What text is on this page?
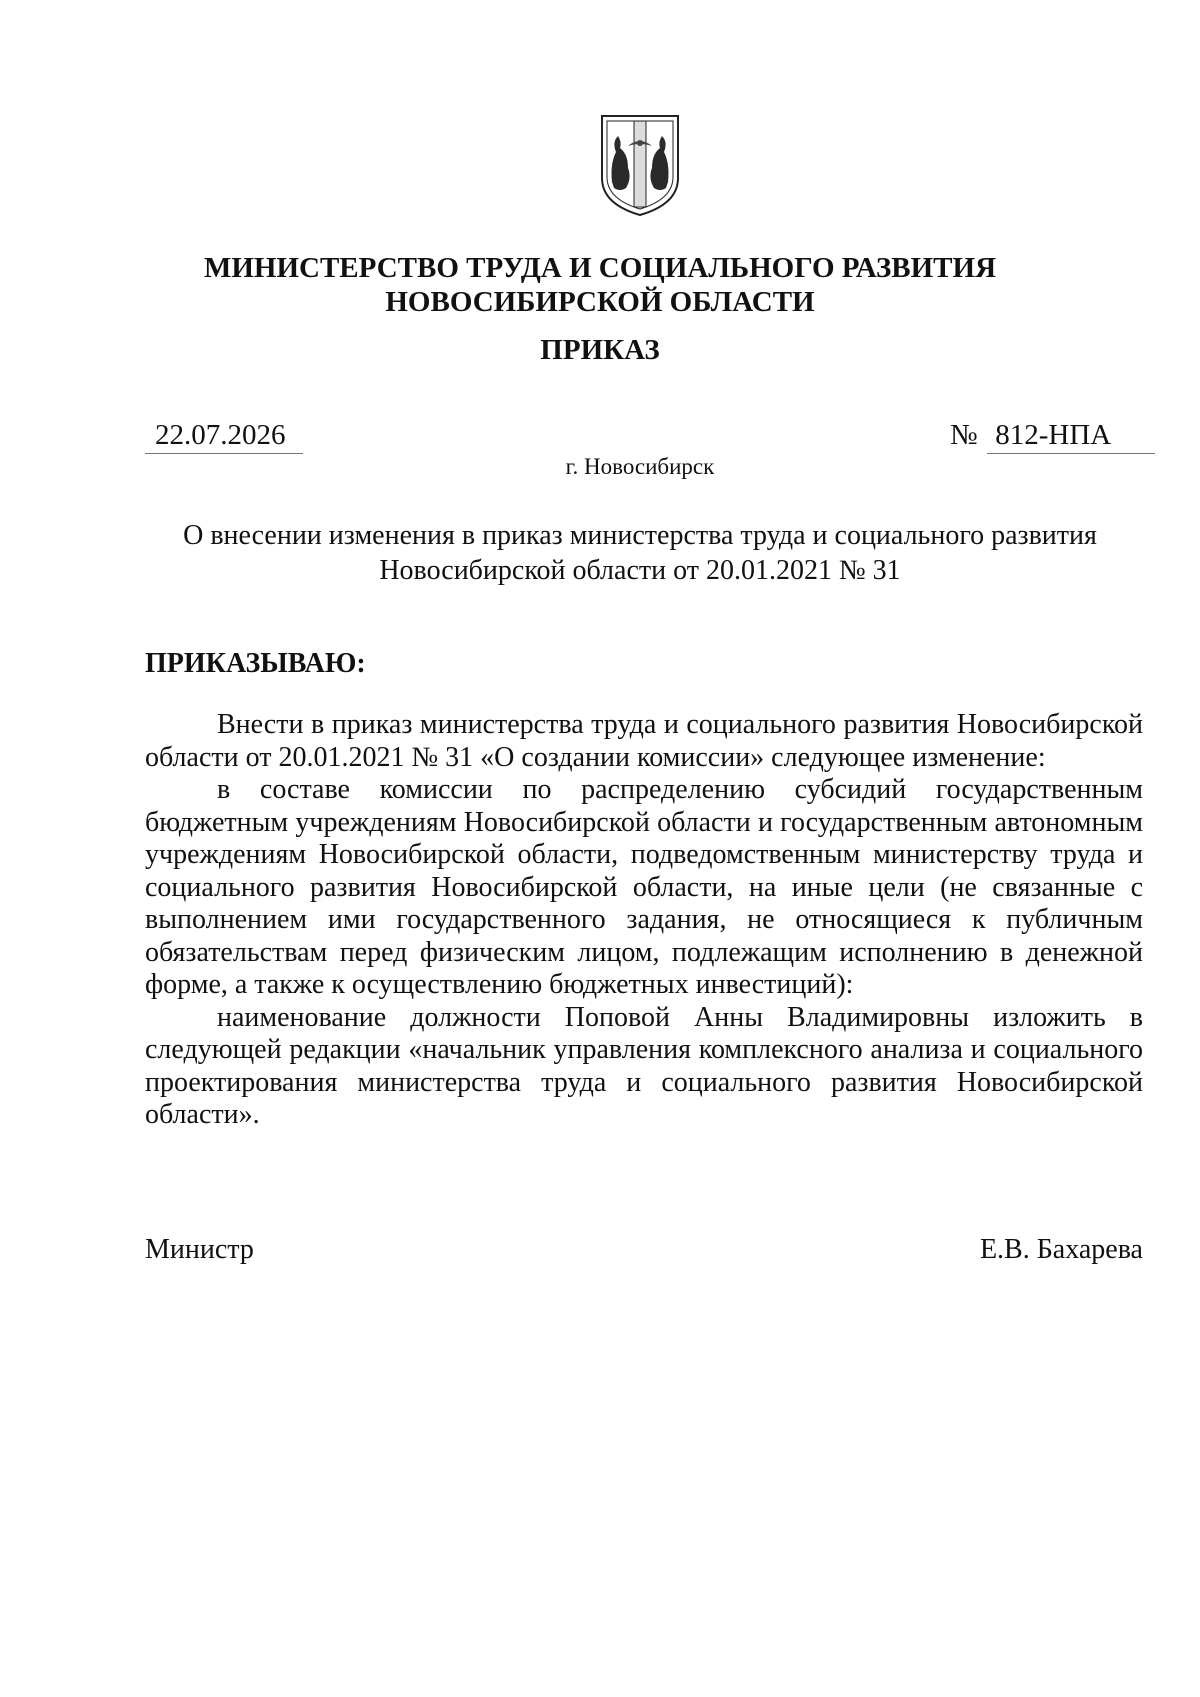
МИНИСТЕРСТВО ТРУДА И СОЦИАЛЬНОГО РАЗВИТИЯ
НОВОСИБИРСКОЙ ОБЛАСТИ
ПРИКАЗ
22.07.2026	№ 812-НПА
г. Новосибирск
О внесении изменения в приказ министерства труда и социального развития
Новосибирской области от 20.01.2021 № 31
ПРИКАЗЫВАЮ:

Внести в приказ министерства труда и социального развития Новосибирской области от 20.01.2021 № 31 «О создании комиссии» следующее изменение:

в составе комиссии по распределению субсидий государственным бюджетным учреждениям Новосибирской области и государственным автономным учреждениям Новосибирской области, подведомственным министерству труда и социального развития Новосибирской области, на иные цели (не связанные с выполнением ими государственного задания, не относящиеся к публичным обязательствам перед физическим лицом, подлежащим исполнению в денежной форме, а также к осуществлению бюджетных инвестиций):

наименование должности Поповой Анны Владимировны изложить в следующей редакции «начальник управления комплексного анализа и социального проектирования министерства труда и социального развития Новосибирской области».

Министр	Е.В. Бахарева
